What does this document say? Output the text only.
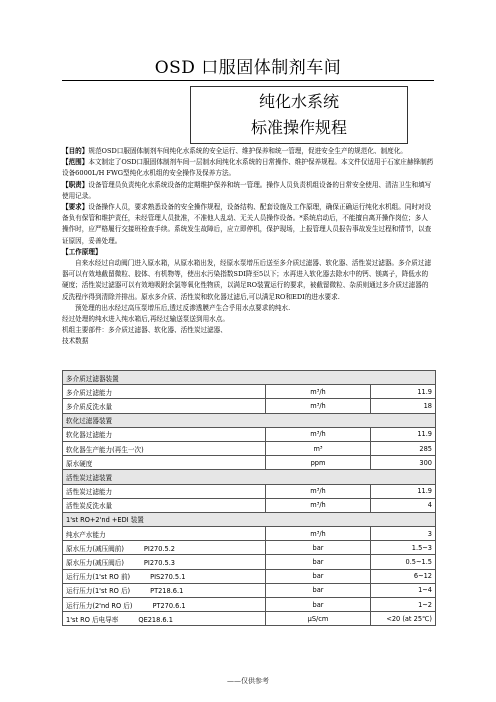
OSD 口服固体制剂车间
纯化水系统
标准操作规程

【目的】规范OSD口服固体制剂车间纯化水系统的安全运行、维护保养和统一管理，促进安全生产的规范化、制度化。

【范围】本文制定了OSD口服固体制剂车间一层制水间纯化水系统的日常操作、维护保养规程。本文件仅适用于石家庄赫锋制药设备6000L/H FWG型纯化水机组的安全操作及保养方法。

【职责】设备管理员负责纯化水系统设备的定期维护保养和统一管理。操作人员负责机组设备的日常安全使用、清洁卫生和填写使用记录。

【要求】设备操作人员，要求熟悉设备的安全操作规程，设备结构、配套设施及工作原理，确保正确运行纯化水机组。同时对设备负有保管和维护责任，未经管理人员批准，不准他人乱动、无关人员操作设备。*系统启动后，不能擅自离开操作岗位；多人操作时，应严格履行交接班检查手续。系统发生故障后，应立即停机，保护现场，上报管理人员报告事故发生过程和情节，以查证原因，妥善处理。

【工作原理】

自来水经过自动阀门进入原水箱，从原水箱出发，经原水泵增压后送至多介质过滤器、软化器、活性炭过滤器。多介质过滤器可以有效地截留微粒、胶体、有机物等，使出水污染指数SDI降至5以下；水再进入软化器去除水中的钙、镁离子，降低水的硬度；活性炭过滤器可以有效地吸附余氯等氧化性物质，以满足RO装置运行的要求，被截留微粒、杂质则通过多介质过滤器的反洗程序得到清除并排出。原水多介质、活性炭和软化器过滤后,可以满足RO和EDI的进水要求.

预处理的出水经过高压泵增压后,透过反渗透膜产生合乎用水点要求的纯水.

经过处理的纯水进入纯水箱后,再经过输送泵送到用水点。

机组主要部件：多介质过滤器、软化器、活性炭过滤器、

技术数据

多介质过滤器装置		
多介质过滤能力	m³/h	11.9
多介质反洗水量	m³/h	18
软化过滤器装置		
软化器过滤能力	m³/h	11.9
软化器生产能力(再生一次)	m³	285
原水硬度	ppm	300
活性炭过滤装置		
活性炭过滤能力	m³/h	11.9
活性炭反洗水量	m³/h	4
1'st RO+2'nd +EDI 装置		
纯水产水能力	m³/h	3
原水压力(减压阀前) PI270.5.2	bar	1.5~3
原水压力(减压阀后) PI270.5.3	bar	0.5~1.5
运行压力(1'st RO 前) PIS270.5.1	bar	6~12
运行压力(1'st RO 后) PT218.6.1	bar	1~4
运行压力(2'nd RO 后) PT270.6.1	bar	1~2
1'st RO 后电导率 QE218.6.1	μS/cm	<20 (at 25℃)
——仅供参考
